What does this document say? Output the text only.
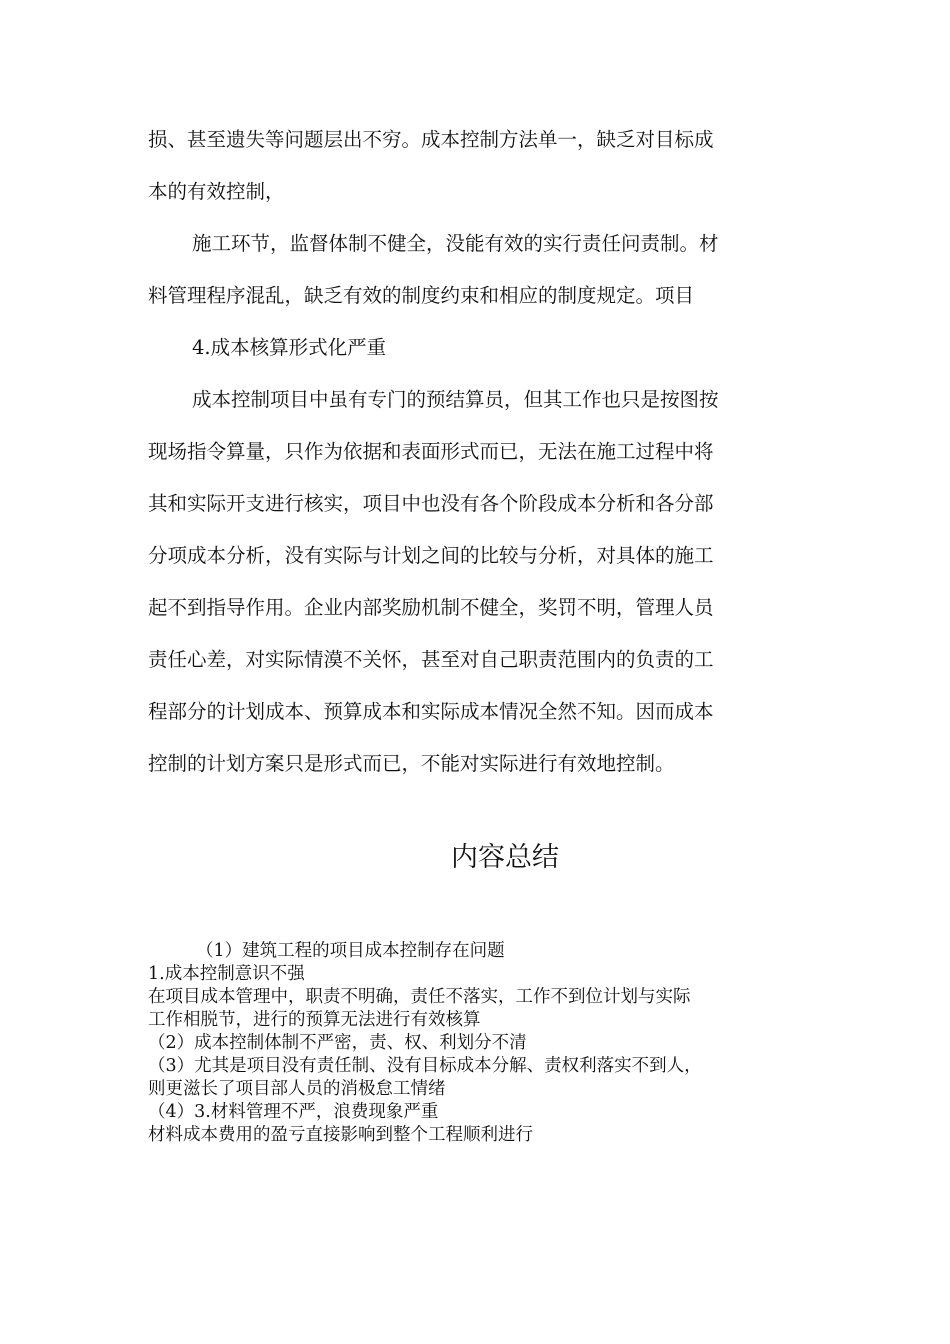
损、甚至遗失等问题层出不穷。成本控制方法单一，缺乏对目标成
本的有效控制，
施工环节，监督体制不健全，没能有效的实行责任问责制。材
料管理程序混乱，缺乏有效的制度约束和相应的制度规定。项目
4.成本核算形式化严重
成本控制项目中虽有专门的预结算员，但其工作也只是按图按
现场指令算量，只作为依据和表面形式而已，无法在施工过程中将
其和实际开支进行核实，项目中也没有各个阶段成本分析和各分部
分项成本分析，没有实际与计划之间的比较与分析，对具体的施工
起不到指导作用。企业内部奖励机制不健全，奖罚不明，管理人员
责任心差，对实际情漠不关怀，甚至对自己职责范围内的负责的工
程部分的计划成本、预算成本和实际成本情况全然不知。因而成本
控制的计划方案只是形式而已，不能对实际进行有效地控制。
内容总结
（1）建筑工程的项目成本控制存在问题
1.成本控制意识不强
在项目成本管理中，职责不明确，责任不落实，工作不到位计划与实际
工作相脱节，进行的预算无法进行有效核算
（2）成本控制体制不严密，责、权、利划分不清
（3）尤其是项目没有责任制、没有目标成本分解、责权利落实不到人，
则更滋长了项目部人员的消极怠工情绪
（4）3.材料管理不严，浪费现象严重
材料成本费用的盈亏直接影响到整个工程顺利进行
